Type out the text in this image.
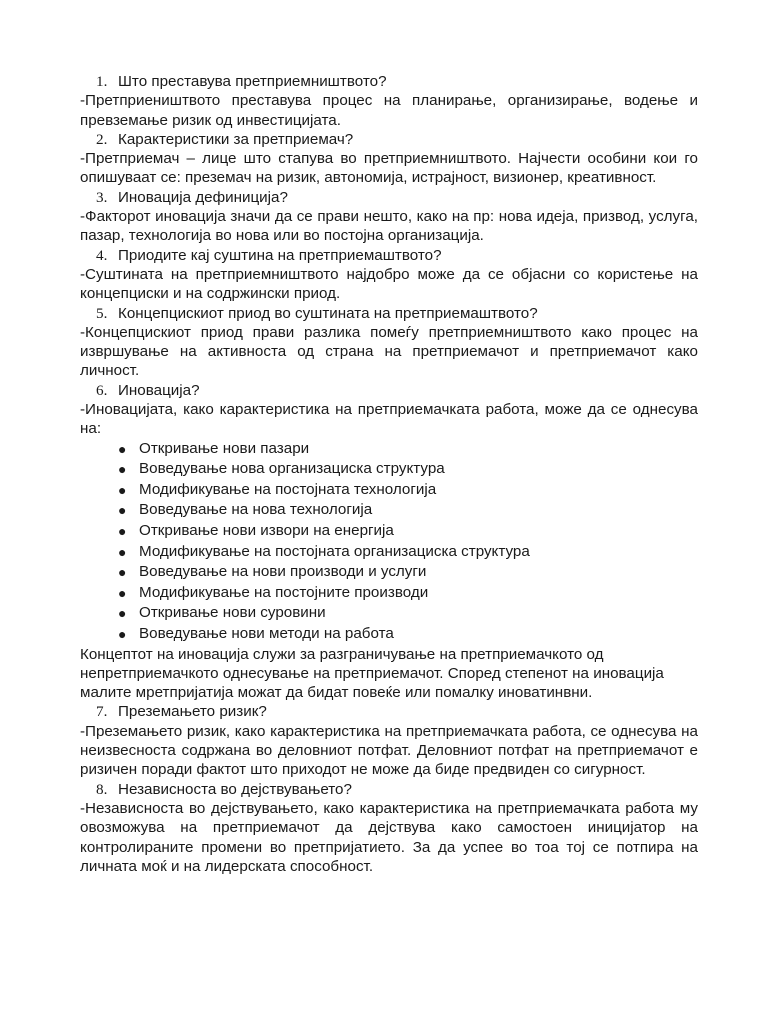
1. Што преставува претприемништвото?
-Претприеништвото преставува процес на планирање, организирање, водење и превземање ризик од инвестицијата.
2. Карактеристики за претприемач?
-Претприемач – лице што стапува во претприемништвото. Најчести особини кои го опишуваат се: преземач на ризик, автономија, истрајност, визионер, креативност.
3. Иновација дефиниција?
-Факторот иновација значи да се прави нешто, како на пр: нова идеја, призвод, услуга, пазар, технологија во нова или во постојна организација.
4. Приодите кај суштина на претприемаштвото?
-Суштината на претприемништвото најдобро може да се објасни со користење на концепциски и на содржински приод.
5. Концепцискиот приод во суштината на претприемаштвото?
-Концепцискиот приод прави разлика помеѓу претприемништвото како процес на извршување на активноста од страна на претприемачот и претприемачот како личност.
6. Иновација?
-Иновацијата, како карактеристика на претприемачката работа, може да се однесува на:
● Откривање нови пазари
● Воведување нова организациска структура
● Модификување на постојната технологија
● Воведување на нова технологија
● Откривање нови извори на енергија
● Модификување на постојната организациска структура
● Воведување на нови производи и услуги
● Модификување на постојните производи
● Откривање нови суровини
● Воведување нови методи на работа
Концептот на иновација служи за разграничување на претприемачкото од непретприемачкото однесување на претприемачот. Според степенот на иновација малите мретпријатија можат да бидат повеќе или помалку иноватинвни.
7. Преземањето ризик?
-Преземањето ризик, како карактеристика на претприемачката работа, се однесува на неизвесноста содржана во деловниот потфат. Деловниот потфат на претприемачот е ризичен поради фактот што приходот не може да биде предвиден со сигурност.
8. Независноста во дејствувањето?
-Независноста во дејствувањето, како карактеристика на претприемачката работа му овозможува на претприемачот да дејствува како самостоен иницијатор на контролираните промени во претпријатието. За да успее во тоа тој се потпира на личната моќ и на лидерската способност.
